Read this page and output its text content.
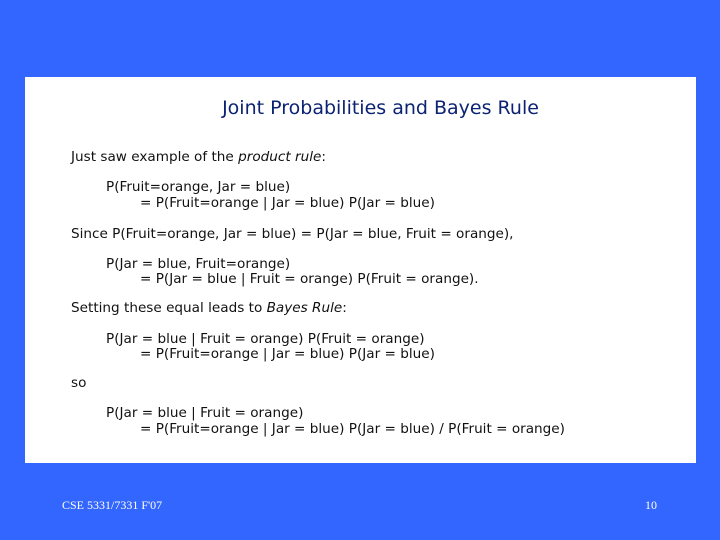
Joint Probabilities and Bayes Rule
Just saw example of the product rule:
P(Fruit=orange, Jar = blue)
= P(Fruit=orange | Jar = blue) P(Jar = blue)
Since P(Fruit=orange, Jar = blue) = P(Jar = blue, Fruit = orange),
P(Jar = blue, Fruit=orange)
= P(Jar = blue | Fruit = orange) P(Fruit = orange).
Setting these equal leads to Bayes Rule:
P(Jar = blue | Fruit = orange) P(Fruit = orange)
= P(Fruit=orange | Jar = blue) P(Jar = blue)
so
P(Jar = blue | Fruit = orange)
= P(Fruit=orange | Jar = blue) P(Jar = blue) / P(Fruit = orange)
CSE 5331/7331 F'07	10
